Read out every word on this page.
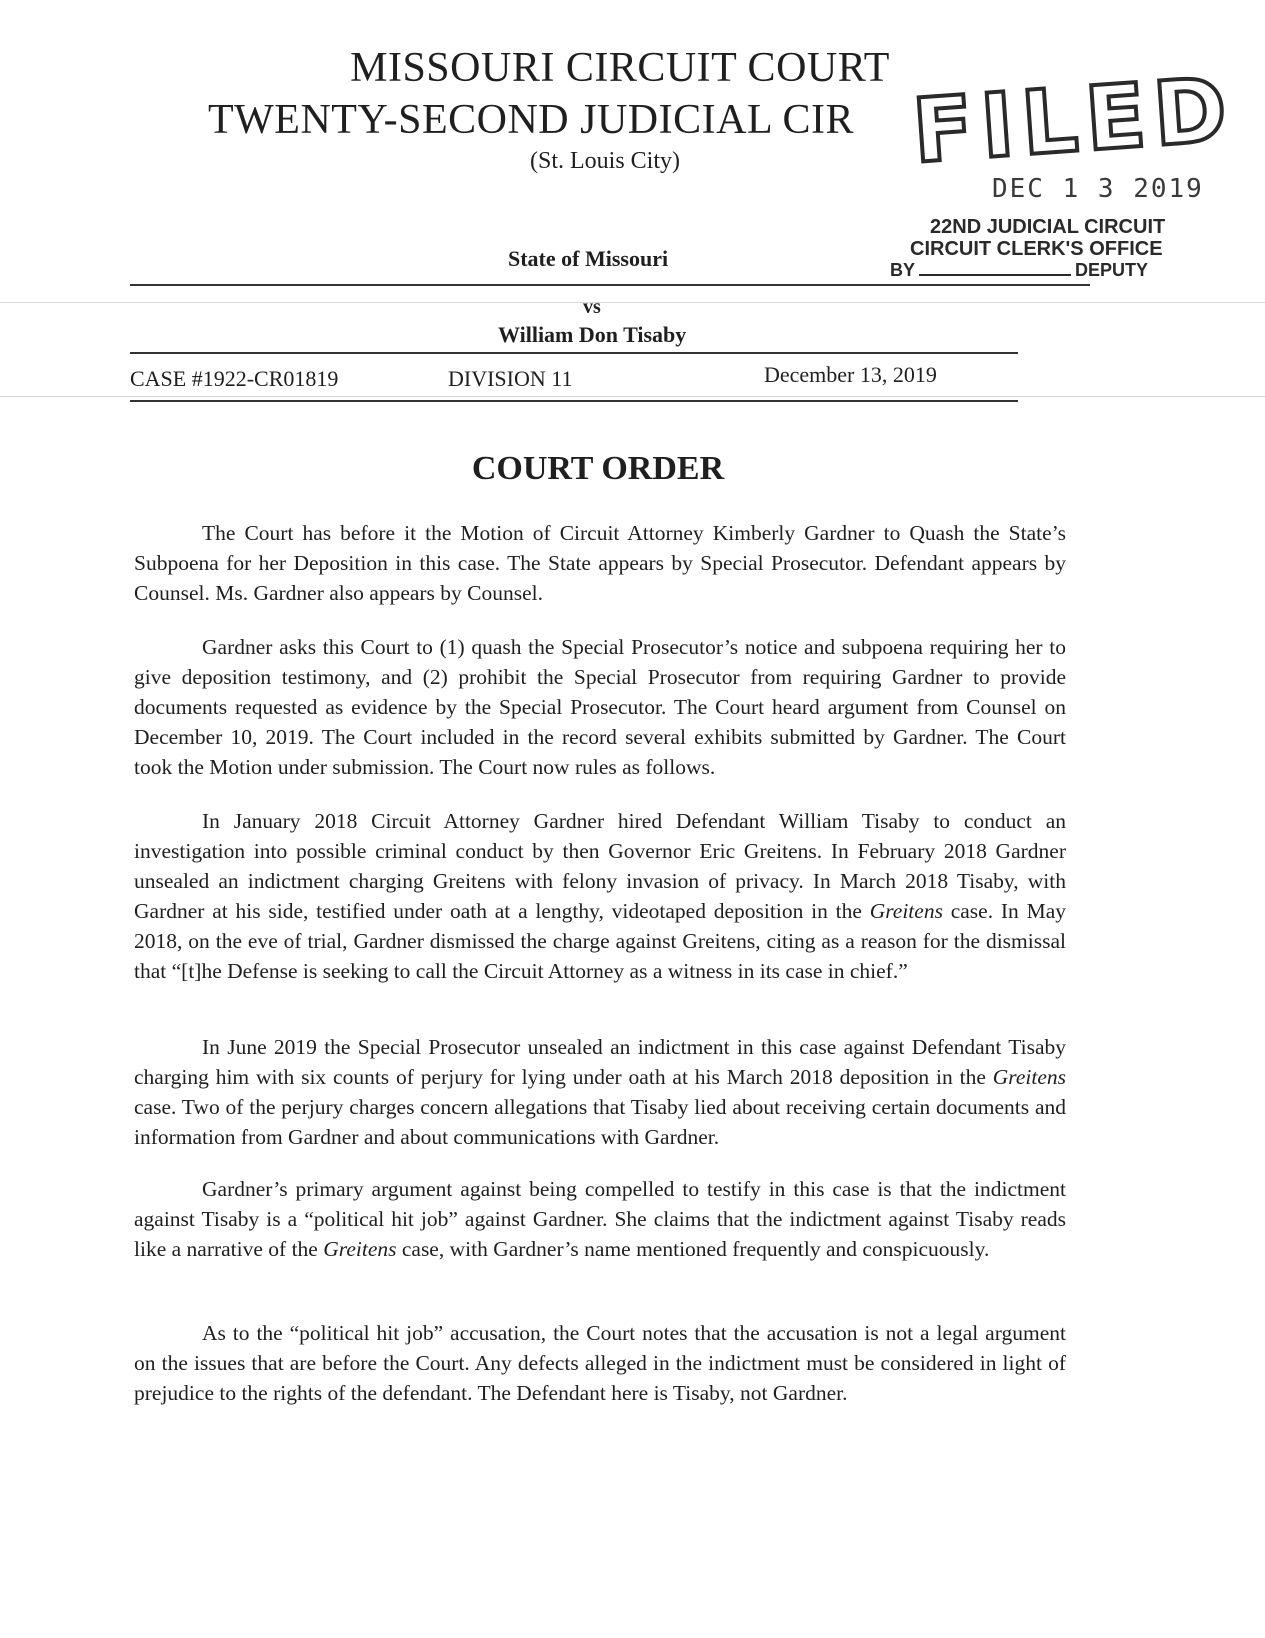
MISSOURI CIRCUIT COURT
TWENTY-SECOND JUDICIAL CIR
(St. Louis City)	FILED
DEC 1 3 2019
22ND JUDICIAL CIRCUIT
CIRCUIT CLERK'S OFFICE
BY	DEPUTY
State of Missouri
vs
William Don Tisaby
CASE #1922-CR01819	DIVISION 11	December 13, 2019
COURT ORDER

The Court has before it the Motion of Circuit Attorney Kimberly Gardner to Quash the State’s Subpoena for her Deposition in this case. The State appears by Special Prosecutor. Defendant appears by Counsel. Ms. Gardner also appears by Counsel.

Gardner asks this Court to (1) quash the Special Prosecutor’s notice and subpoena requiring her to give deposition testimony, and (2) prohibit the Special Prosecutor from requiring Gardner to provide documents requested as evidence by the Special Prosecutor. The Court heard argument from Counsel on December 10, 2019. The Court included in the record several exhibits submitted by Gardner. The Court took the Motion under submission. The Court now rules as follows.

In January 2018 Circuit Attorney Gardner hired Defendant William Tisaby to conduct an investigation into possible criminal conduct by then Governor Eric Greitens. In February 2018 Gardner unsealed an indictment charging Greitens with felony invasion of privacy. In March 2018 Tisaby, with Gardner at his side, testified under oath at a lengthy, videotaped deposition in the Greitens case. In May 2018, on the eve of trial, Gardner dismissed the charge against Greitens, citing as a reason for the dismissal that “[t]he Defense is seeking to call the Circuit Attorney as a witness in its case in chief.”

In June 2019 the Special Prosecutor unsealed an indictment in this case against Defendant Tisaby charging him with six counts of perjury for lying under oath at his March 2018 deposition in the Greitens case. Two of the perjury charges concern allegations that Tisaby lied about receiving certain documents and information from Gardner and about communications with Gardner.

Gardner’s primary argument against being compelled to testify in this case is that the indictment against Tisaby is a “political hit job” against Gardner. She claims that the indictment against Tisaby reads like a narrative of the Greitens case, with Gardner’s name mentioned frequently and conspicuously.

As to the “political hit job” accusation, the Court notes that the accusation is not a legal argument on the issues that are before the Court. Any defects alleged in the indictment must be considered in light of prejudice to the rights of the defendant. The Defendant here is Tisaby, not Gardner.
